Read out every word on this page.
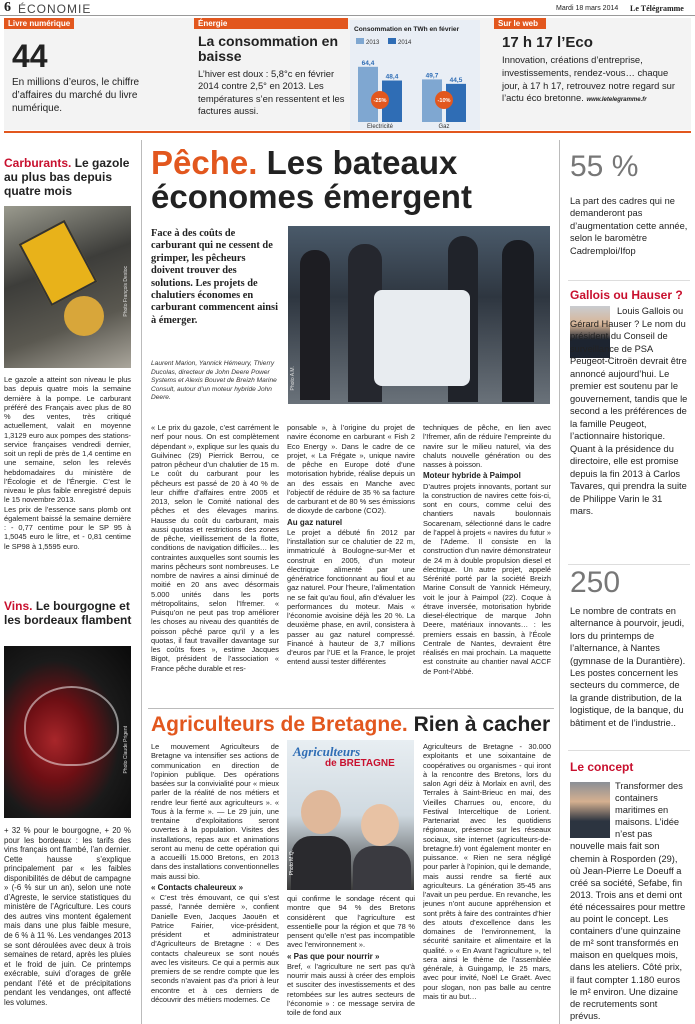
6 ÉCONOMIE	Mardi 18 mars 2014 Le Télégramme
Livre numérique
44
En millions d’euros, le chiffre d’affaires du marché du livre numérique.
Énergie
La consommation en baisse
L’hiver est doux : 5,8°c en février 2014 contre 2,5° en 2013. Les températures s’en ressentent et les factures aussi.
Consommation en TWh en février
2013	2014
64,4
48,4
-25%
Electricité
49,7
44,5
-10%
Gaz
Sur le web
17 h 17 l’Eco
Innovation, créations d’entreprise, investissements, rendez-vous… chaque jour, à 17 h 17, retrouvez notre regard sur l’actu éco bretonne. www.letelegramme.fr
Carburants. Le gazole au plus bas depuis quatre mois
Photo François Destoc

Le gazole a atteint son niveau le plus bas depuis quatre mois la semaine dernière à la pompe. Le carburant préféré des Français avec plus de 80 % des ventes, très critiqué actuellement, valait en moyenne 1,3129 euro aux pompes des stations-service françaises vendredi dernier, soit un repli de près de 1,4 centime en une semaine, selon les relevés hebdomadaires du ministère de l’Écologie et de l’Énergie. C’est le niveau le plus faible enregistré depuis le 15 novembre 2013.

Les prix de l’essence sans plomb ont également baissé la semaine dernière : - 0,77 centime pour le SP 95 à 1,5045 euro le litre, et - 0,81 centime le SP98 à 1,5595 euro.

Vins. Le bourgogne et les bordeaux flambent
Photo Claude Prigent
+ 32 % pour le bourgogne, + 20 % pour les bordeaux : les tarifs des vins français ont flambé, l’an dernier. Cette hausse s’explique principalement par « les faibles disponibilités de début de campagne » (-6 % sur un an), selon une note d’Agreste, le service statistiques du ministère de l’Agriculture. Les cours des autres vins montent également mais dans une plus faible mesure, de 6 % à 11 %. Les vendanges 2013 se sont déroulées avec deux à trois semaines de retard, après les pluies et le froid de juin. Ce printemps exécrable, suivi d’orages de grêle pendant l’été et de précipitations pendant les vendanges, ont affecté les volumes.
Pêche. Les bateaux économes émergent
Face à des coûts de carburant qui ne cessent de grimper, les pêcheurs doivent trouver des solutions. Les projets de chalutiers économes en carburant commencent ainsi à émerger.
Photo A.M.
Laurent Marion, Yannick Hémeury, Thierry Ducolas, directeur de John Deere Power Systems et Alexis Bouvet de Breizh Marine Consult, autour d’un moteur hybride John Deere.
« Le prix du gazole, c’est carrément le nerf pour nous. On est complètement dépendant », explique sur les quais du Guilvinec (29) Pierrick Berrou, ce patron pêcheur d’un chalutier de 15 m. Le coût du carburant pour les pêcheurs est passé de 20 à 40 % de leur chiffre d’affaires entre 2005 et 2013, selon le Comité national des pêches et des élevages marins. Hausse du coût du carburant, mais aussi quotas et restrictions des zones de pêche, vieillissement de la flotte, conditions de navigation difficiles… les contraintes auxquelles sont soumis les marins pêcheurs sont nombreuses. Le nombre de navires a ainsi diminué de moitié en 20 ans avec désormais 5.000 unités dans les ports métropolitains, selon l’Ifremer. « Puisqu’on ne peut pas trop améliorer les choses au niveau des quantités de poisson pêché parce qu’il y a les quotas, il faut travailler davantage sur les coûts fixes », estime Jacques Bigot, président de l’association « France pêche durable et res-

ponsable », à l’origine du projet de navire économe en carburant « Fish 2 Eco Energy ». Dans le cadre de ce projet, « La Frégate », unique navire de pêche en Europe doté d’une motorisation hybride, réalise depuis un an des essais en Manche avec l’objectif de réduire de 35 % sa facture de carburant et de 80 % ses émissions de dioxyde de carbone (CO2).

Au gaz naturel

Le projet a débuté fin 2012 par l’installation sur ce chalutier de 22 m, immatriculé à Boulogne-sur-Mer et construit en 2005, d’un moteur électrique alimenté par une génératrice fonctionnant au fioul et au gaz naturel. Pour l’heure, l’alimentation ne se fait qu’au fioul, afin d’évaluer les performances du moteur. Mais « l’économie avoisine déjà les 20 %. La deuxième phase, en avril, consistera à passer au gaz naturel compressé. Financé à hauteur de 3,7 millions d’euros par l’UE et la France, le projet entend aussi tester différentes

techniques de pêche, en lien avec l’Ifremer, afin de réduire l’empreinte du navire sur le milieu naturel, via des chaluts nouvelle génération ou des nasses à poisson.

Moteur hybride à Paimpol

D’autres projets innovants, portant sur la construction de navires cette fois-ci, sont en cours, comme celui des chantiers navals boulonnais Socarenam, sélectionné dans le cadre de l’appel à projets « navires du futur » de l’Ademe. Il consiste en la construction d’un navire démonstrateur de 24 m à double propulsion diesel et électrique. Un autre projet, appelé Sérénité porté par la société Breizh Marine Consult de Yannick Hémeury, voit le jour à Paimpol (22). Coque à étrave inversée, motorisation hybride diesel-électrique de marque John Deere, matériaux innovants… : les premiers essais en bassin, à l’École Centrale de Nantes, devraient être réalisés en mai prochain. La maquette est construite au chantier naval ACCF de Pont-l’Abbé.

Agriculteurs de Bretagne. Rien à cacher

Le mouvement Agriculteurs de Bretagne va intensifier ses actions de communication en direction de l’opinion publique. Des opérations basées sur la convivialité pour « mieux parler de la réalité de nos métiers et rendre leur fierté aux agriculteurs ». « Tous à la ferme ». — Le 29 juin, une trentaine d’exploitations seront ouvertes à la population. Visites des installations, repas aux et animations seront au menu de cette opération qui a accueilli 15.000 Bretons, en 2013 dans des installations conventionnelles mais aussi bio.

« Contacts chaleureux »

« C’est très émouvant, ce qui s’est passé, l’année dernière », confient Danielle Even, Jacques Jaouën et Patrice Fairier, vice-président, président et administrateur d’Agriculteurs de Bretagne : « Des contacts chaleureux se sont noués avec les visiteurs. Ce qui a permis aux premiers de se rendre compte que les seconds n’avaient pas d’a priori à leur encontre et à ces derniers de découvrir des métiers modernes. Ce

Agriculteurs
de BRETAGNE
Photo M.Q.

qui confirme le sondage récent qui montre que 94 % des Bretons considèrent que l’agriculture est essentielle pour la région et que 78 % pensent qu’elle n’est pas incompatible avec l’environnement ».

« Pas que pour nourrir »

Bref, « l’agriculture ne sert pas qu’à nourrir mais aussi à créer des emplois et susciter des investissements et des retombées sur les autres secteurs de l’économie » : ce message servira de toile de fond aux

Agriculteurs de Bretagne - 30.000 exploitants et une soixantaine de coopératives ou organismes - qui iront à la rencontre des Bretons, lors du salon Agri déiz à Morlaix en avril, des Terrales à Saint-Brieuc en mai, des Vieilles Charrues ou, encore, du Festival Interceltique de Lorient. Partenariat avec les quotidiens régionaux, présence sur les réseaux sociaux, site internet (agriculteurs-de-bretagne.fr) vont également monter en puissance. « Rien ne sera négligé pour parler à l’opinion, qui le demande, mais aussi rendre sa fierté aux agriculteurs. La génération 35-45 ans l’avait un peu perdue. En revanche, les jeunes n’ont aucune appréhension et sont prêts à faire des contraintes d’hier des atouts d’excellence dans les domaines de l’environnement, la sécurité sanitaire et alimentaire et la qualité. » « En Avant l’agriculture », tel sera ainsi le thème de l’assemblée générale, à Guingamp, le 25 mars, avec pour invité, Noël Le Graët. Avec pour slogan, non pas balle au centre mais tir au but…
55 %
La part des cadres qui ne demanderont pas d’augmentation cette année, selon le baromètre Cadremploi/Ifop
Gallois ou Hauser ?
Louis Gallois ou Gérard Hauser ? Le nom du président du Conseil de surveillance de PSA Peugeot-Citroën devrait être annoncé aujourd’hui. Le premier est soutenu par le gouvernement, tandis que le second a les préférences de la famille Peugeot, l’actionnaire historique. Quant à la présidence du directoire, elle est promise depuis la fin 2013 à Carlos Tavares, qui prendra la suite de Philippe Varin le 31 mars.
250
Le nombre de contrats en alternance à pourvoir, jeudi, lors du printemps de l’alternance, à Nantes (gymnase de la Durantière). Les postes concernent les secteurs du commerce, de la grande distribution, de la logistique, de la banque, du bâtiment et de l’industrie..
Le concept
Transformer des containers maritimes en maisons. L’idée n’est pas nouvelle mais fait son chemin à Rosporden (29), où Jean-Pierre Le Doeuff a créé sa société, Sefabe, fin 2013. Trois ans et demi ont été nécessaires pour mettre au point le concept. Les containers d’une quinzaine de m² sont transformés en maison en quelques mois, dans les ateliers. Côté prix, il faut compter 1.180 euros le m² environ. Une dizaine de recrutements sont prévus.
